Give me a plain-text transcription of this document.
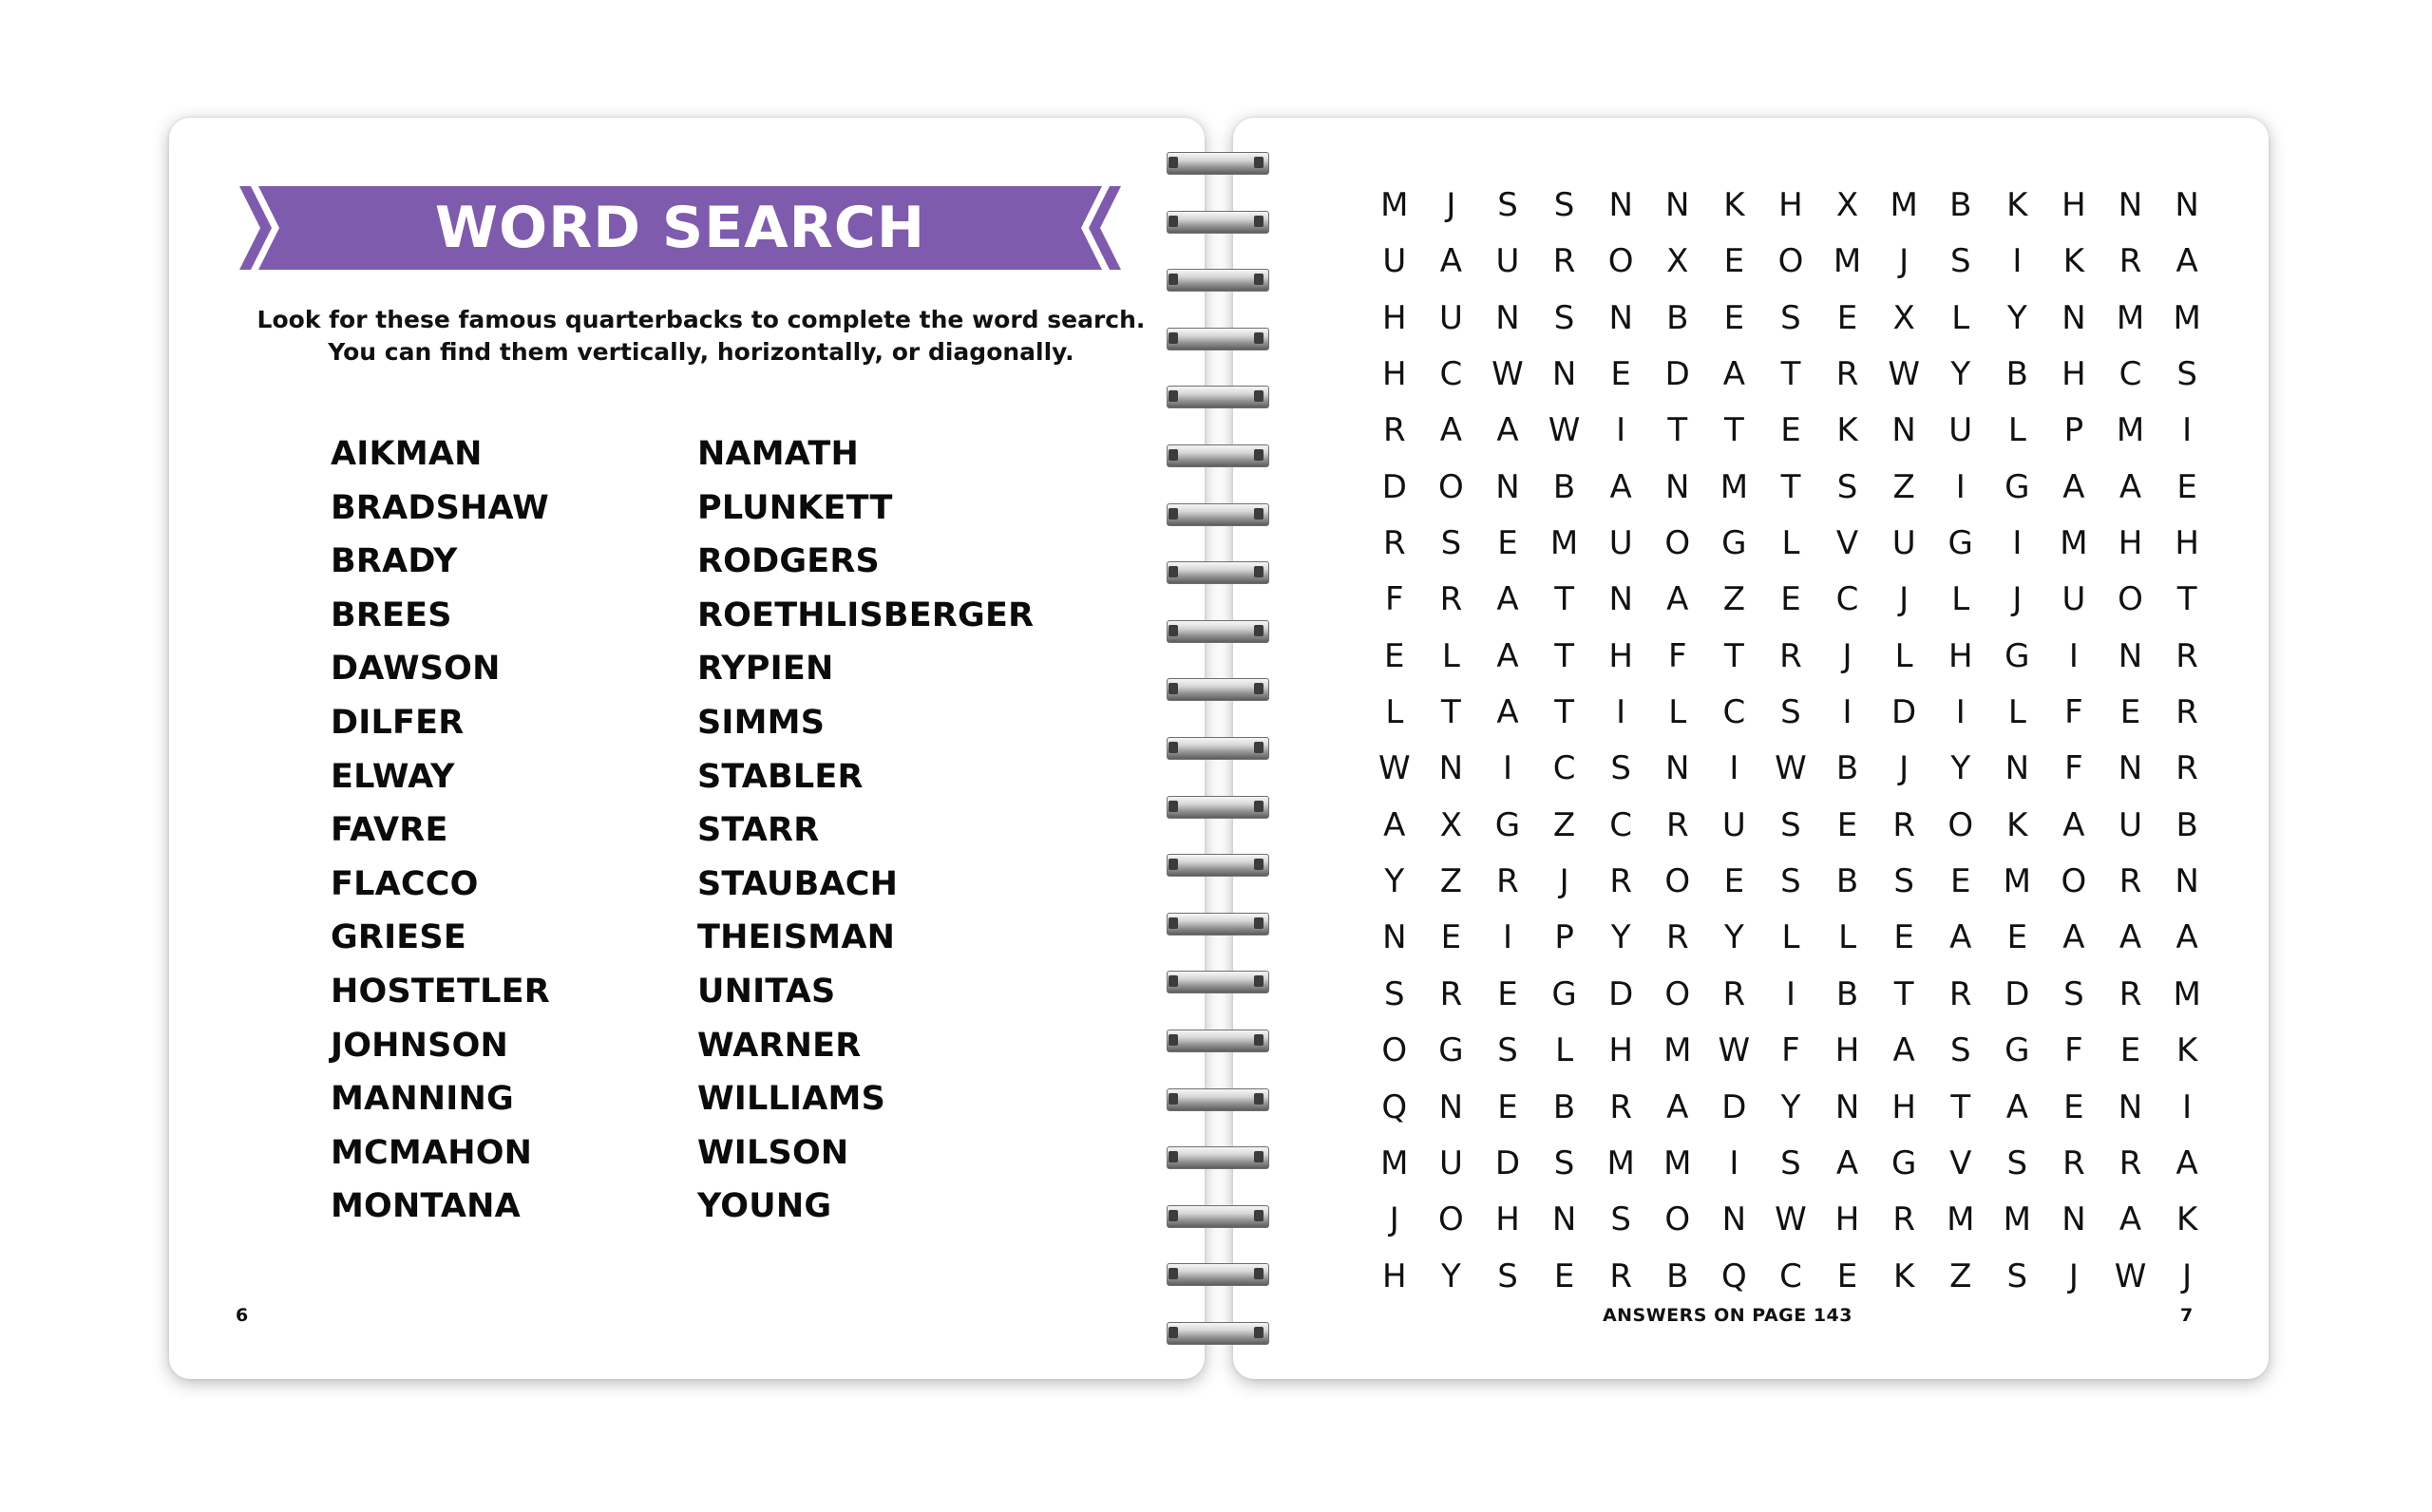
WORD SEARCH
Look for these famous quarterbacks to complete the word search.
You can find them vertically, horizontally, or diagonally.
AIKMAN
BRADSHAW
BRADY
BREES
DAWSON
DILFER
ELWAY
FAVRE
FLACCO
GRIESE
HOSTETLER
JOHNSON
MANNING
MCMAHON
MONTANA
NAMATH
PLUNKETT
RODGERS
ROETHLISBERGER
RYPIEN
SIMMS
STABLER
STARR
STAUBACH
THEISMAN
UNITAS
WARNER
WILLIAMS
WILSON
YOUNG
6
M	J	S	S	N	N	K	H	X M B	K	H	N	N
U	A	U	R	O	X	E	O M	J	S	I	K	R	A
H	U	N	S	N	B	E	S	E	X	L	Y	N M M
H	C W N	E	D	A	T	R W Y	B	H	C	S
R	A	A W	I	T	T	E	K	N	U	L	P	M	I
D O N	B	A	N M	T	S	Z	I	G	A	A	E
R	S	E	M U O G	L	V	U G	I	M H	H
F	R	A	T	N	A	Z	E	C	J	L	J	U O	T
E	L	A	T	H	F	T	R	J	L	H G	I	N	R
L	T	A	T	I	L	C	S	I	D	I	L	F	E	R
W N	I	C	S	N	I	W B	J	Y	N	F	N	R
A	X	G	Z	C	R	U	S	E	R	O	K	A	U	B
Y	Z	R	J	R	O	E	S	B	S	E	M O	R	N
N	E	I	P	Y	R	Y	L	L	E	A	E	A	A	A
S	R	E	G D O	R	I	B	T	R	D	S	R M
O G	S	L	H M W F	H	A	S	G	F	E	K
Q N	E	B	R	A	D	Y	N	H	T	A	E	N	I
M U	D	S	M M	I	S	A	G	V	S	R	R	A
J	O H	N	S	O N W H	R M M N	A	K
H	Y	S	E	R	B	Q	C	E	K	Z	S	J	W	J
ANSWERS ON PAGE 143	7
